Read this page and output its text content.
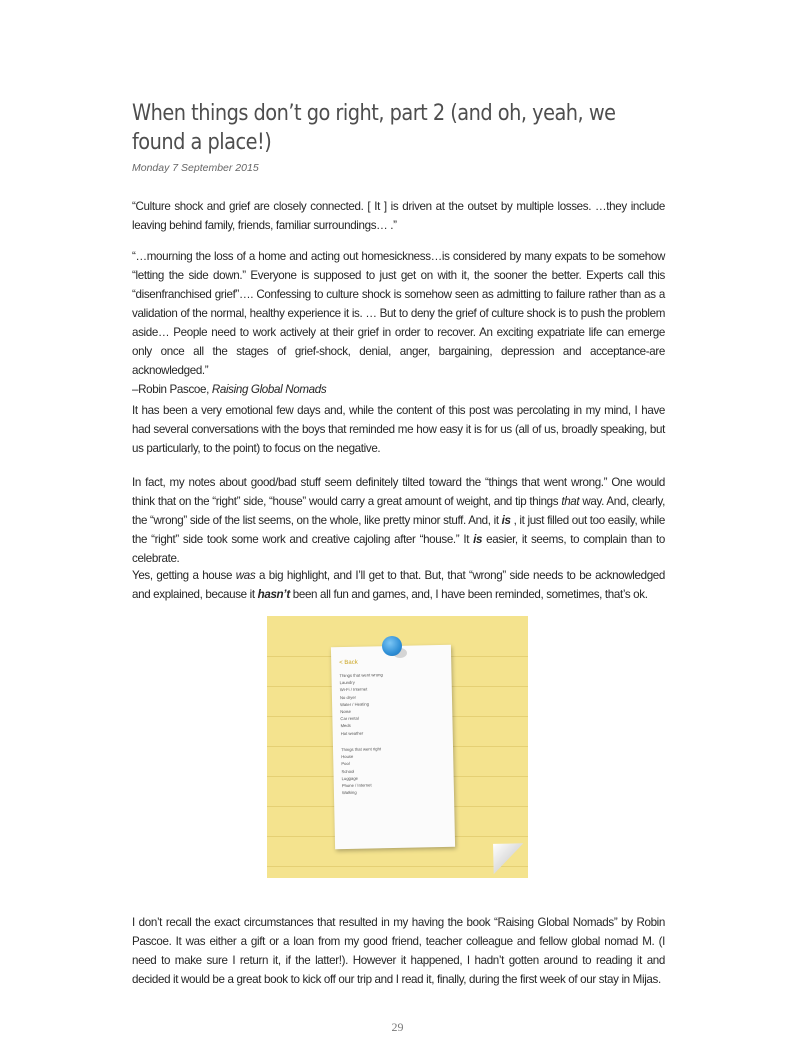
When things don’t go right, part 2 (and oh, yeah, we found a place!)
Monday 7 September 2015

“Culture shock and grief are closely connected. [ It ] is driven at the outset by multiple losses. …they include leaving behind family, friends, familiar surroundings… .”

“…mourning the loss of a home and acting out homesickness…is considered by many expats to be somehow “letting the side down.” Everyone is supposed to just get on with it, the sooner the better. Experts call this “disenfranchised grief”…. Confessing to culture shock is somehow seen as admitting to failure rather than as a validation of the normal, healthy experience it is. … But to deny the grief of culture shock is to push the problem aside… People need to work actively at their grief in order to recover. An exciting expatriate life can emerge only once all the stages of grief-shock, denial, anger, bargaining, depression and acceptance-are acknowledged.”
–Robin Pascoe, Raising Global Nomads

It has been a very emotional few days and, while the content of this post was percolating in my mind, I have had several conversations with the boys that reminded me how easy it is for us (all of us, broadly speaking, but us particularly, to the point) to focus on the negative.

In fact, my notes about good/bad stuff seem definitely tilted toward the “things that went wrong.” One would think that on the “right” side, “house” would carry a great amount of weight, and tip things that way. And, clearly, the “wrong” side of the list seems, on the whole, like pretty minor stuff. And, it is , it just filled out too easily, while the “right” side took some work and creative cajoling after “house.” It is easier, it seems, to complain than to celebrate.

Yes, getting a house was a big highlight, and I’ll get to that. But, that “wrong” side needs to be acknowledged and explained, because it hasn’t been all fun and games, and, I have been reminded, sometimes, that’s ok.

< Back
Things that went wrong
Laundry
Wi-Fi / Internet
No dryer
Water / Heating
Noise
Car rental
Meds
Hot weather
Things that went right
House
Pool
School
Luggage
Phone / Internet
Walking

I don’t recall the exact circumstances that resulted in my having the book “Raising Global Nomads” by Robin Pascoe. It was either a gift or a loan from my good friend, teacher colleague and fellow global nomad M. (I need to make sure I return it, if the latter!). However it happened, I hadn’t gotten around to reading it and decided it would be a great book to kick off our trip and I read it, finally, during the first week of our stay in Mijas.

29
